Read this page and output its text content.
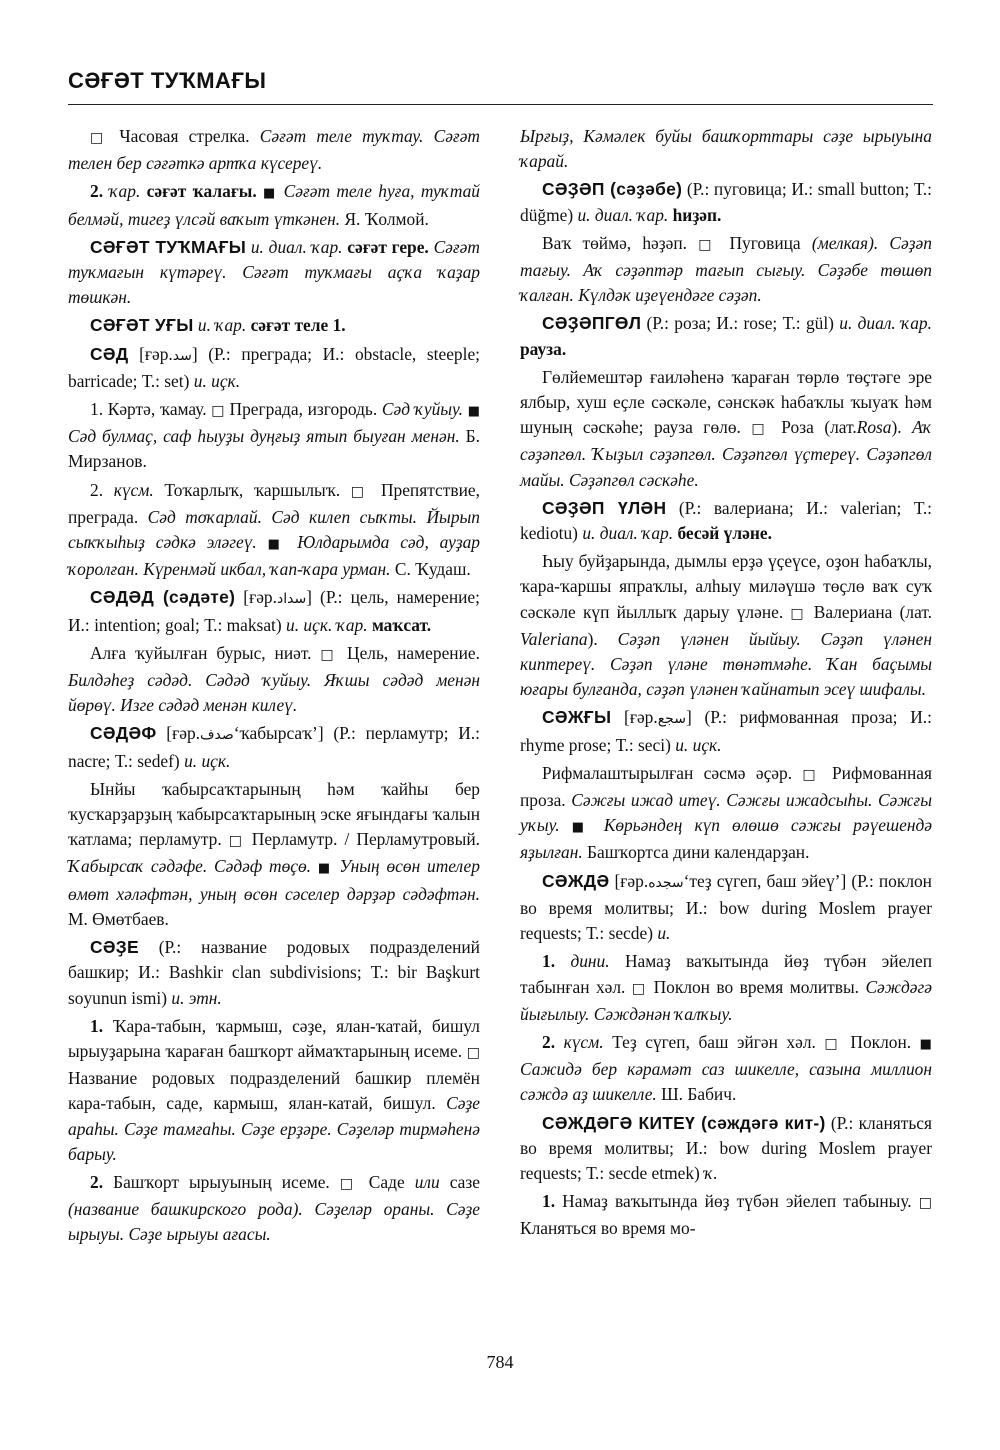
СӘҒӘТ ТУҠМАҒЫ

□ Часовая стрелка. Сәғәт теле туҡтау. Сәғәт телен бер сәғәткә артҡа күсереү.

2. ҡар. сәғәт ҡалағы. ■ Сәғәт теле һуға, туҡтай белмәй, тигеҙ үлсәй ваҡыт үткәнен. Я. Ҡолмой.

СӘҒӘТ ТУҠМАҒЫ и. диал. ҡар. сәғәт гере. Сәғәт туҡмағын күтәреү. Сәғәт туҡмағы аҫҡа ҡаҙар төшкән.

СӘҒӘТ УҒЫ и. ҡар. сәғәт теле 1.

СӘД [ғәр.سد] (Р.: преграда; И.: obstacle, steeple; barricade; Т.: set) и. иҫк.

1. Кәртә, ҡамау. □ Преграда, изгородь. Сәд ҡуйыу. ■ Сәд булмаҫ, саф һыуҙы дуңғыҙ ятып быуған менән. Б. Мирзанов.

2. күсм. Тоҡарлыҡ, ҡаршылыҡ. □ Препятствие, преграда. Сәд тоҡарлай. Сәд килеп сыҡты. Йырып сыҡҡыһыҙ сәдкә эләгеү. ■ Юлдарымда сәд, ауҙар ҡоролған. Күренмәй икбал, ҡап-ҡара урман. С. Ҡудаш.

СӘДӘД (сәдәте) [ғәр.سداد] (Р.: цель, намерение; И.: intention; goal; Т.: maksat) и. иҫк. ҡар. маҡсат.

Алға ҡуйылған бурыс, ниәт. □ Цель, намерение. Билдәһеҙ сәдәд. Сәдәд ҡуйыу. Яҡшы сәдәд менән йөрөү. Изге сәдәд менән килеү.

СӘДӘФ [ғәр.صدف‘ҡабырсаҡ’] (Р.: перламутр; И.: nacre; Т.: sedef) и. иҫк.

Ынйы ҡабырсаҡтарының һәм ҡайһы бер ҡусҡарҙарҙың ҡабырсаҡтарының эске яғындағы ҡалын ҡатлама; перламутр. □ Перламутр. / Перламутровый. Ҡабырсаҡ сәдәфе. Сәдәф төҫө. ■ Уның өсөн ителер өмөт хәләфтән, уның өсөн сәселер дәрҙәр сәдәфтән. М. Өмөтбаев.

СӘҘЕ (Р.: название родовых подразделений башкир; И.: Bashkir clan subdivisions; Т.: bir Başkurt soyunun ismi) и. этн.

1. Ҡара-табын, ҡармыш, сәҙе, ялан-ҡатай, бишул ырыуҙарына ҡараған башҡорт аймаҡтарының исеме. □ Название родовых подразделений башкир племён кара-табын, саде, кармыш, ялан-катай, бишул. Сәҙе араһы. Сәҙе тамғаһы. Сәҙе ерҙәре. Сәҙеләр тирмәһенә барыу.

2. Башҡорт ырыуының исеме. □ Саде или сазе (название башкирского рода). Сәҙеләр ораны. Сәҙе ырыуы. Сәҙе ырыуы ағасы.

Ырғыҙ, Кәмәлек буйы башҡорттары сәҙе ырыуына ҡарай.

СӘҘӘП (сәҙәбе) (Р.: пуговица; И.: small button; Т.: düğme) и. диал. ҡар. һиҙәп.

Ваҡ төймә, һәҙәп. □ Пуговица (мелкая). Сәҙәп тағыу. Аҡ сәҙәптәр тағып сығыу. Сәҙәбе төшөп ҡалған. Күлдәк иҙеүендәге сәҙәп.

СӘҘӘПГӨЛ (Р.: роза; И.: rose; Т.: gül) и. диал. ҡар. рауза.

Гөлйемештәр ғаиләһенә ҡараған төрлө төҫтәге эре ялбыр, хуш еҫле сәскәле, сәнскәк һабаҡлы ҡыуаҡ һәм шуның сәскәһе; рауза гөлө. □ Роза (лат.Rosa). Аҡ сәҙәпгөл. Ҡыҙыл сәҙәпгөл. Сәҙәпгөл үҫтереү. Сәҙәпгөл майы. Сәҙәпгөл сәскәһе.

СӘҘӘП ҮЛӘН (Р.: валериана; И.: valerian; Т.: kediotu) и. диал. ҡар. бесәй үләне.

Һыу буйҙарында, дымлы ерҙә үҫеүсе, оҙон һабаҡлы, ҡара-ҡаршы япраҡлы, алһыу миләүшә төҫлө ваҡ суҡ сәскәле күп йыллыҡ дарыу үләне. □ Валериана (лат. Valeriana). Сәҙәп үләнен йыйыу. Сәҙәп үләнен киптереү. Сәҙәп үләне төнәтмәһе. Ҡан баҫымы юғары булғанда, сәҙәп үләнен ҡайнатып эсеү шифалы.

СӘЖҒЫ [ғәр.سجع] (Р.: рифмованная проза; И.: rhyme prose; Т.: seci) и. иҫк.

Рифмалаштырылған сәсмә әҫәр. □ Рифмованная проза. Сәжғы ижад итеү. Сәжғы ижадсыһы. Сәжғы уҡыу. ■ Көрьәндең күп өлөшө сәжғы рәүешендә яҙылған. Башҡортса дини календарҙан.

СӘЖДӘ [ғәр.سجده‘теҙ сүгеп, баш эйеү’] (Р.: поклон во время молитвы; И.: bow during Moslem prayer requests; Т.: secde) и.

1. дини. Намаҙ ваҡытында йөҙ түбән эйелеп табынған хәл. □ Поклон во время молитвы. Сәждәгә йығылыу. Сәждәнән ҡалҡыу.

2. күсм. Теҙ сүгеп, баш эйгән хәл. □ Поклон. ■ Сажидә бер кәрамәт саз шикелле, сазына миллион сәждә аҙ шикелле. Ш. Бабич.

СӘЖДӘГӘ КИТЕҮ (сәждәгә кит-) (Р.: кланяться во время молитвы; И.: bow during Moslem prayer requests; Т.: secde etmek) ҡ.

1. Намаҙ ваҡытында йөҙ түбән эйелеп табыныу. □ Кланяться во время мо-

784
